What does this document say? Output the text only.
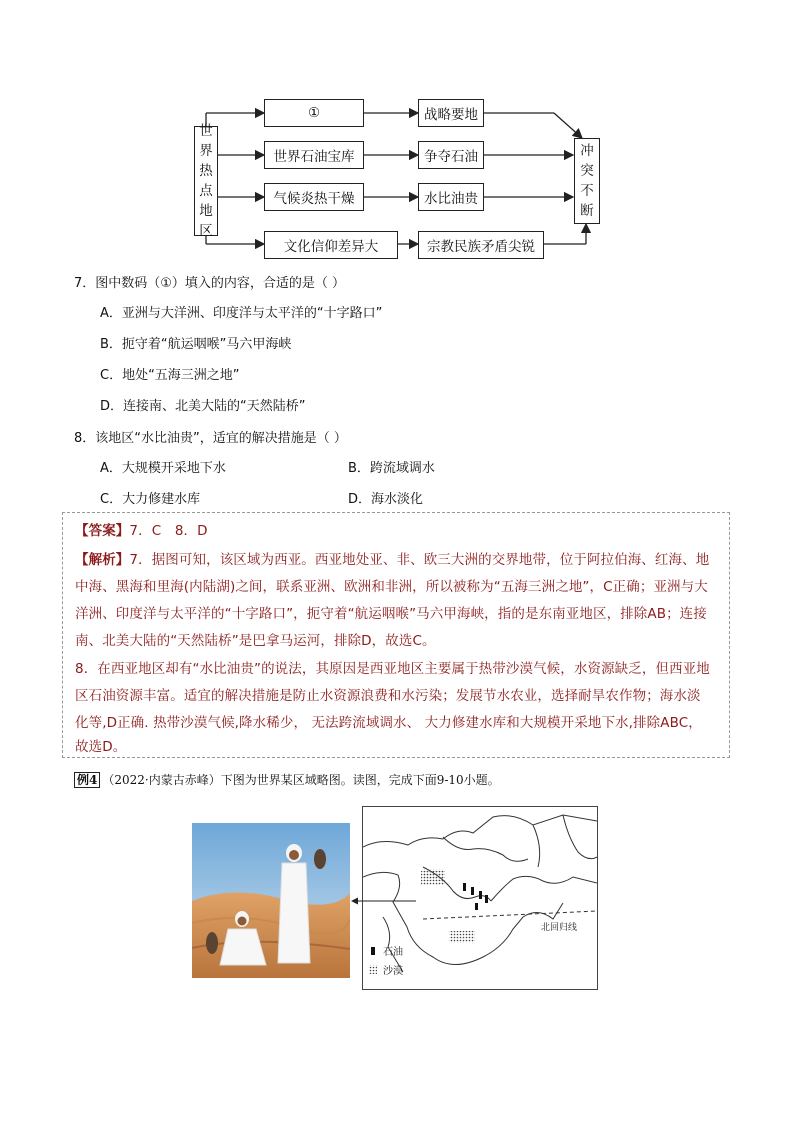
世
界
热
点
地
区
①
世界石油宝库
气候炎热干燥
文化信仰差异大
战略要地
争夺石油
水比油贵
宗教民族矛盾尖锐
冲
突
不
断
7．图中数码（①）填入的内容，合适的是（ ）
A．亚洲与大洋洲、印度洋与太平洋的“十字路口”
B．扼守着“航运咽喉”马六甲海峡
C．地处“五海三洲之地”
D．连接南、北美大陆的“天然陆桥”
8．该地区“水比油贵”，适宜的解决措施是（ ）
A．大规模开采地下水	B．跨流域调水
C．大力修建水库	D．海水淡化
【答案】7．C　8．D
【解析】7．据图可知，该区域为西亚。西亚地处亚、非、欧三大洲的交界地带，位于阿拉伯海、红海、地
中海、黑海和里海(内陆湖)之间，联系亚洲、欧洲和非洲，所以被称为“五海三洲之地”，C正确；亚洲与大
洋洲、印度洋与太平洋的“十字路口”，扼守着“航运咽喉”马六甲海峡，指的是东南亚地区，排除AB；连接
南、北美大陆的“天然陆桥”是巴拿马运河，排除D，故选C。
8．在西亚地区却有“水比油贵”的说法，其原因是西亚地区主要属于热带沙漠气候，水资源缺乏，但西亚地
区石油资源丰富。适宜的解决措施是防止水资源浪费和水污染；发展节水农业，选择耐旱农作物；海水淡
化等,D正确. 热带沙漠气候,降水稀少， 无法跨流域调水、 大力修建水库和大规模开采地下水,排除ABC，
故选D。
例4 （2022·内蒙古赤峰）下图为世界某区域略图。读图，完成下面9-10小题。
北回归线
石油
沙漠
